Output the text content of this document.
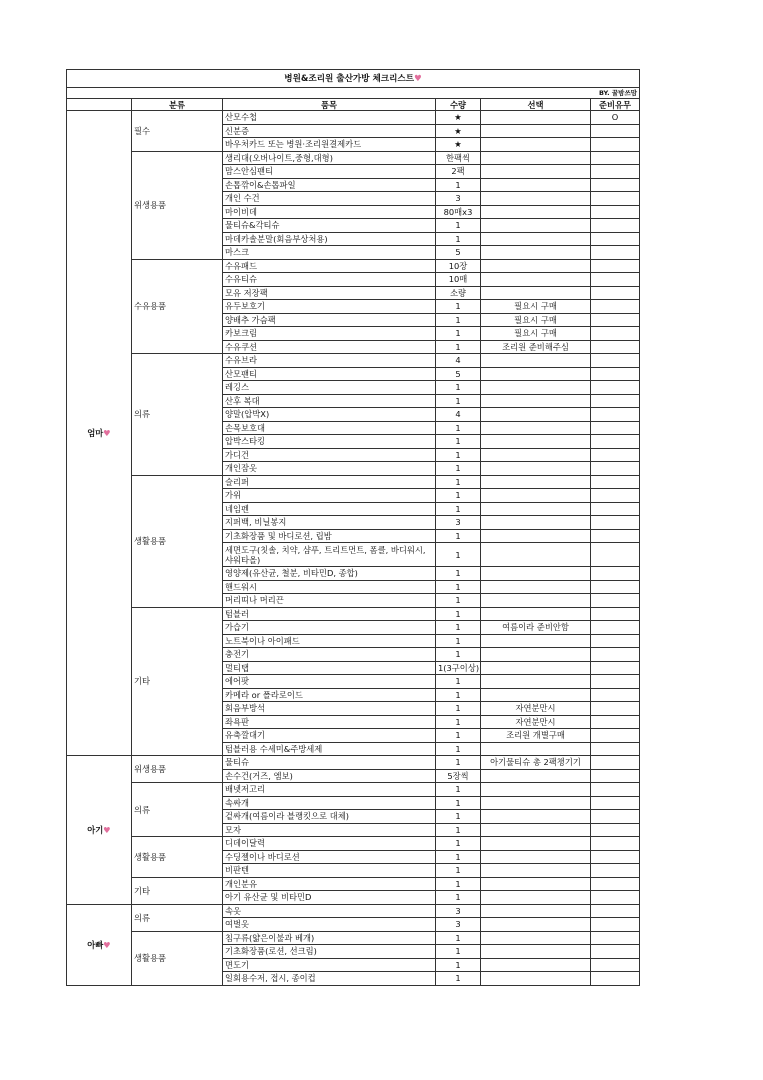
병원&조리원 출산가방 체크리스트♥					
BY. 꿀밤쓰맘					
	분류	품목	수량	선택	준비유무
엄마♥	필수	산모수첩	★		O
		신분증	★		
		바우처카드 또는 병원·조리원결제카드	★		
	위생용품	생리대(오버나이트,중형,대형)	한팩씩		
		맘스안심팬티	2팩		
		손톱깎이&손톱파일	1		
		개인 수건	3		
		마이비데	80매x3		
		물티슈&각티슈	1		
		마데카솔분말(회음부상처용)	1		
		마스크	5		
	수유용품	수유패드	10장		
		수유티슈	10매		
		모유 저장팩	소량		
		유두보호기	1	필요시 구매	
		양배추 가슴팩	1	필요시 구매	
		카보크림	1	필요시 구매	
		수유쿠션	1	조리원 준비해주심	
	의류	수유브라	4		
		산모팬티	5		
		레깅스	1		
		산후 복대	1		
		양말(압박X)	4		
		손목보호대	1		
		압박스타킹	1		
		가디건	1		
		개인잠옷	1		
	생활용품	슬리퍼	1		
		가위	1		
		네임펜	1		
		지퍼백, 비닐봉지	3		
		기초화장품 및 바디로션, 립밤	1		
		세면도구(칫솔, 치약, 샴푸, 트리트먼트, 폼클, 바디워시, 샤워타올)	1		
		영양제(유산균, 철분, 비타민D, 종합)	1		
		핸드워시	1		
		머리띠나 머리끈	1		
	기타	텀블러	1		
		가습기	1	여름이라 준비안함	
		노트북이나 아이패드	1		
		충전기	1		
		멀티탭	1(3구이상)		
		에어팟	1		
		카메라 or 폴라로이드	1		
		회음부방석	1	자연분만시	
		좌욕판	1	자연분만시	
		유축깔대기	1	조리원 개별구매	
		텀블러용 수세미&주방세제	1		
아기♥	위생용품	물티슈	1	아기물티슈 총 2팩챙기기	
		손수건(거즈, 엠보)	5장씩		
	의류	배넷저고리	1		
		속싸개	1		
		겉싸개(여름이라 블랭킷으로 대체)	1		
		모자	1		
	생활용품	디데이달력	1		
		수딩젤이나 바디로션	1		
		비판텐	1		
	기타	개인분유	1		
		아기 유산균 및 비타민D	1		
아빠♥	의류	속옷	3		
		여벌옷	3		
	생활용품	침구류(얇은이불과 베개)	1		
		기초화장품(로션, 선크림)	1		
		면도기	1		
		일회용수저, 접시, 종이컵	1		
